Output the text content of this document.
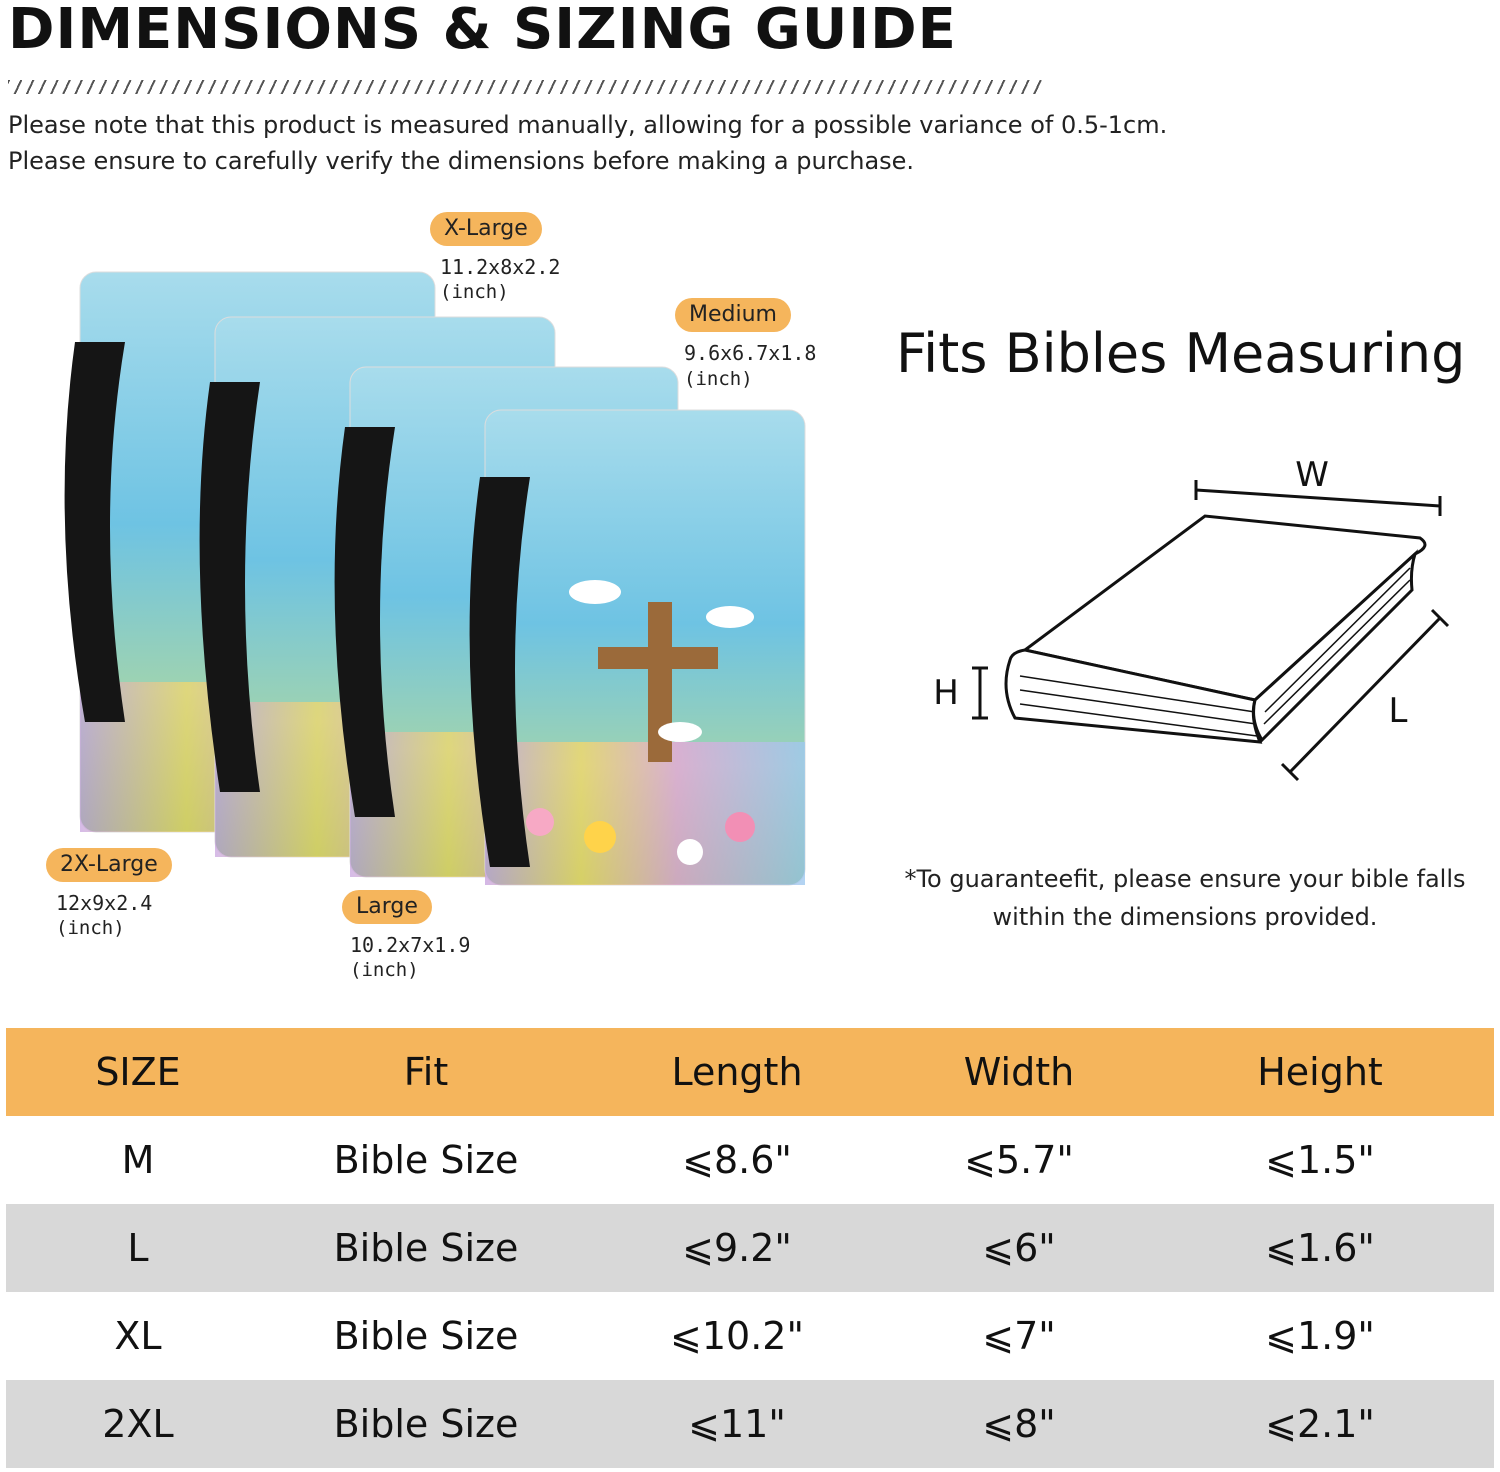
DIMENSIONS & SIZING GUIDE
Please note that this product is measured manually, allowing for a possible variance of 0.5-1cm.
Please ensure to carefully verify the dimensions before making a purchase.
X-Large
11.2x8x2.2
(inch)
Medium
9.6x6.7x1.8
(inch)
2X-Large
12x9x2.4
(inch)
Large
10.2x7x1.9
(inch)
Fits Bibles Measuring
W
H	L
*To guaranteefit, please ensure your bible falls
within the dimensions provided.
SIZE	Fit	Length	Width	Height
M	Bible Size	⩽8.6"	⩽5.7"	⩽1.5"
L	Bible Size	⩽9.2"	⩽6"	⩽1.6"
XL	Bible Size	⩽10.2"	⩽7"	⩽1.9"
2XL	Bible Size	⩽11"	⩽8"	⩽2.1"
